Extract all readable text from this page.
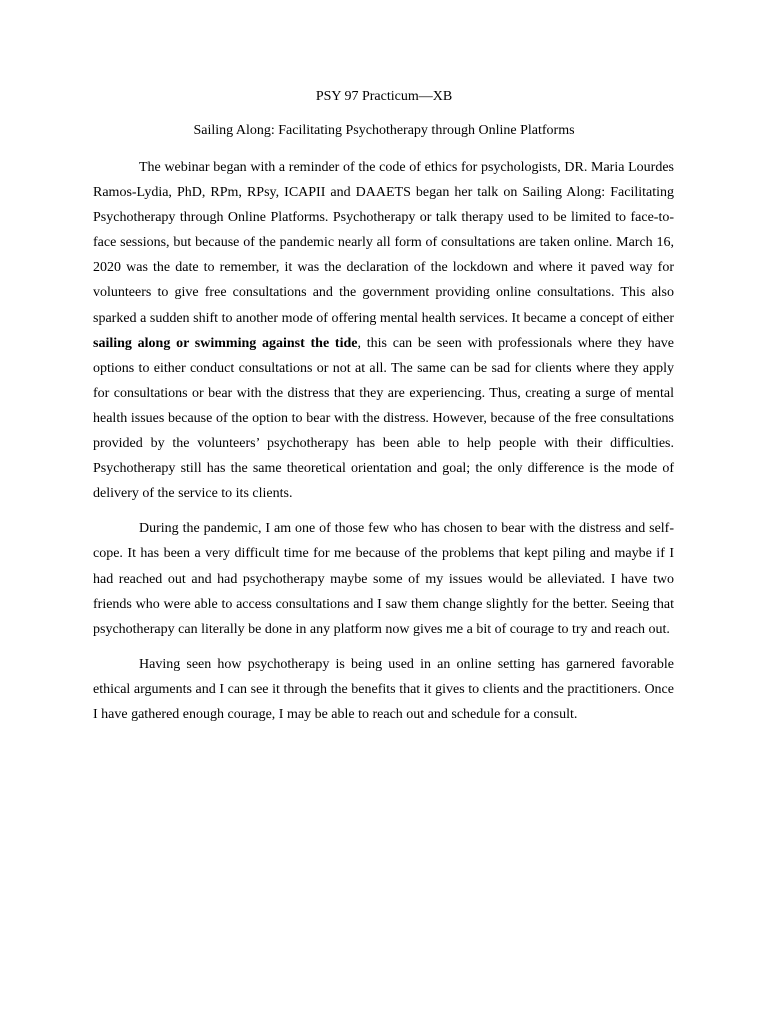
PSY 97 Practicum—XB
Sailing Along: Facilitating Psychotherapy through Online Platforms

The webinar began with a reminder of the code of ethics for psychologists, DR. Maria Lourdes Ramos-Lydia, PhD, RPm, RPsy, ICAPII and DAAETS began her talk on Sailing Along: Facilitating Psychotherapy through Online Platforms. Psychotherapy or talk therapy used to be limited to face-to-face sessions, but because of the pandemic nearly all form of consultations are taken online. March 16, 2020 was the date to remember, it was the declaration of the lockdown and where it paved way for volunteers to give free consultations and the government providing online consultations. This also sparked a sudden shift to another mode of offering mental health services. It became a concept of either sailing along or swimming against the tide, this can be seen with professionals where they have options to either conduct consultations or not at all. The same can be sad for clients where they apply for consultations or bear with the distress that they are experiencing. Thus, creating a surge of mental health issues because of the option to bear with the distress. However, because of the free consultations provided by the volunteers’ psychotherapy has been able to help people with their difficulties. Psychotherapy still has the same theoretical orientation and goal; the only difference is the mode of delivery of the service to its clients.

During the pandemic, I am one of those few who has chosen to bear with the distress and self-cope. It has been a very difficult time for me because of the problems that kept piling and maybe if I had reached out and had psychotherapy maybe some of my issues would be alleviated. I have two friends who were able to access consultations and I saw them change slightly for the better. Seeing that psychotherapy can literally be done in any platform now gives me a bit of courage to try and reach out.

Having seen how psychotherapy is being used in an online setting has garnered favorable ethical arguments and I can see it through the benefits that it gives to clients and the practitioners. Once I have gathered enough courage, I may be able to reach out and schedule for a consult.
